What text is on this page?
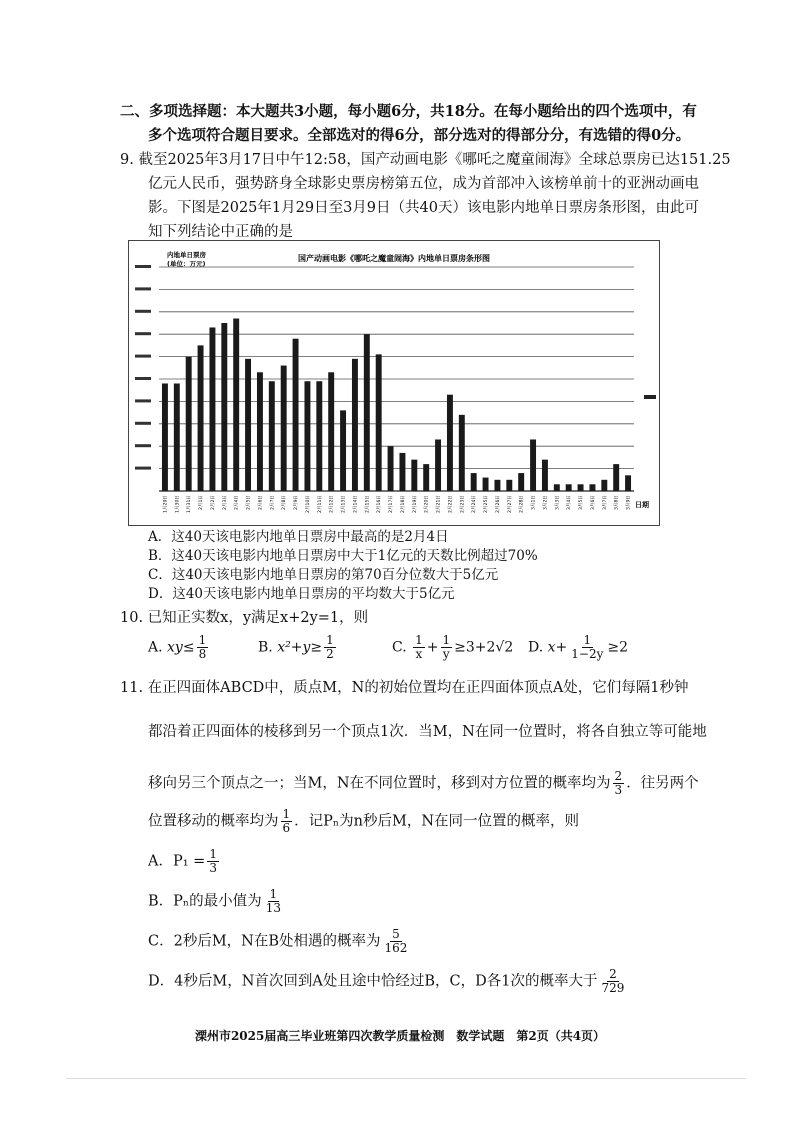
二、多项选择题：本大题共3小题，每小题6分，共18分。在每小题给出的四个选项中，有
多个选项符合题目要求。全部选对的得6分，部分选对的得部分分，有选错的得0分。
9. 截至2025年3月17日中午12:58，国产动画电影《哪吒之魔童闹海》全球总票房已达151.25
亿元人民币，强势跻身全球影史票房榜第五位，成为首部冲入该榜单前十的亚洲动画电
影。下图是2025年1月29日至3月9日（共40天）该电影内地单日票房条形图，由此可
知下列结论中正确的是
内地单日票房
(单位：万元)
国产动画电影《哪吒之魔童闹海》内地单日票房条形图
1月29日	1月30日	1月31日	2月1日	2月2日	2月3日	2月4日	2月5日	2月6日	2月7日	2月8日	2月9日	2月10日	2月11日	2月12日	2月13日	2月14日	2月15日	2月16日	2月17日	2月18日	2月19日	2月20日	2月21日	2月22日	2月23日	2月24日	2月25日	2月26日	2月27日	2月28日	3月1日	3月2日	3月3日	3月4日	3月5日	3月6日	3月7日	3月8日	3月9日 日期
A．这40天该电影内地单日票房中最高的是2月4日
B．这40天该电影内地单日票房中大于1亿元的天数比例超过70%
C．这40天该电影内地单日票房的第70百分位数大于5亿元
D．这40天该电影内地单日票房的平均数大于5亿元
10. 已知正实数x，y满足x+2y=1，则
A. $xy\le \frac{1}{8}$	B. $x^2+y\ge \frac{1}{2}$	C. $\frac{1}{x} + \frac{1}{y} \ge 3+2√2$ D. $x+ \frac{1}{1-2y} \ge 2$
11. 在正四面体ABCD中，质点M，N的初始位置均在正四面体顶点A处，它们每隔1秒钟
都沿着正四面体的棱移到另一个顶点1次．当M，N在同一位置时，将各自独立等可能地
移向另三个顶点之一；当M，N在不同位置时，移到对方位置的概率均为 $\frac{2}{3}$ ．往另两个
位置移动的概率均为 $\frac{1}{6}$ ．记Pₙ为n秒后M，N在同一位置的概率，则
A．$P_1 = \frac{1}{3}$
B．Pₙ的最小值为 $\frac{1}{13}$
C．2秒后M，N在B处相遇的概率为 $\frac{5}{162}$
D．4秒后M，N首次回到A处且途中恰经过B，C，D各1次的概率大于 $\frac{2}{729}$
溧州市2025届高三毕业班第四次教学质量检测　数学试题　第2页（共4页）
